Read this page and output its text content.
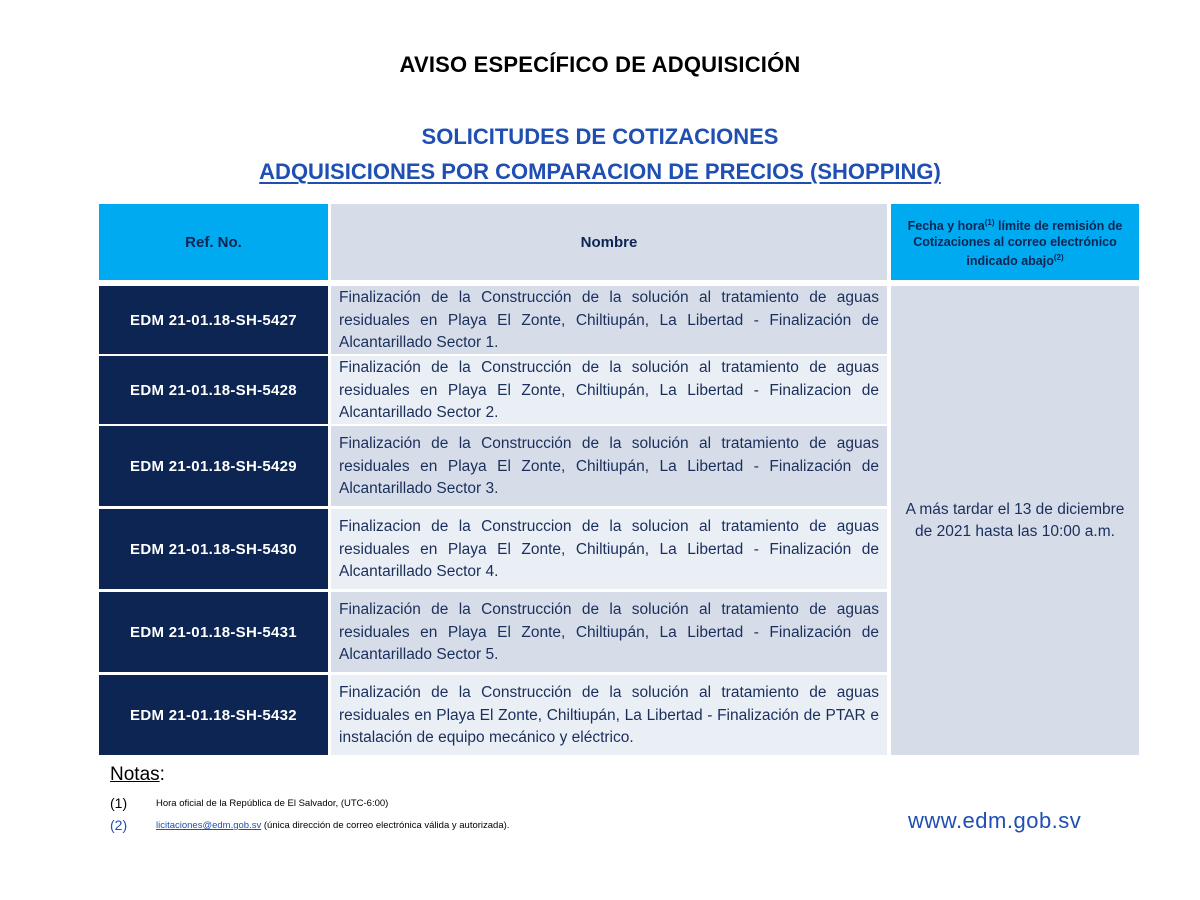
AVISO ESPECÍFICO DE ADQUISICIÓN
SOLICITUDES DE COTIZACIONES
ADQUISICIONES POR COMPARACION DE PRECIOS (SHOPPING)
Ref. No.	Nombre
Fecha y hora$^{(1)}$ límite de remisión de Cotizaciones al correo electrónico indicado abajo$^{(2)}$
EDM 21-01.18-SH-5427
Finalización de la Construcción de la solución al tratamiento de aguas residuales en Playa El Zonte, Chiltiupán, La Libertad - Finalización de Alcantarillado Sector 1.
EDM 21-01.18-SH-5428
Finalización de la Construcción de la solución al tratamiento de aguas residuales en Playa El Zonte, Chiltiupán, La Libertad - Finalizacion de Alcantarillado Sector 2.
EDM 21-01.18-SH-5429
Finalización de la Construcción de la solución al tratamiento de aguas residuales en Playa El Zonte, Chiltiupán, La Libertad - Finalización de Alcantarillado Sector 3.
EDM 21-01.18-SH-5430
Finalizacion de la Construccion de la solucion al tratamiento de aguas residuales en Playa El Zonte, Chiltiupán, La Libertad - Finalización de Alcantarillado Sector 4.
EDM 21-01.18-SH-5431
Finalización de la Construcción de la solución al tratamiento de aguas residuales en Playa El Zonte, Chiltiupán, La Libertad - Finalización de Alcantarillado Sector 5.
EDM 21-01.18-SH-5432
Finalización de la Construcción de la solución al tratamiento de aguas residuales en Playa El Zonte, Chiltiupán, La Libertad - Finalización de PTAR e instalación de equipo mecánico y eléctrico.
A más tardar el 13 de diciembre de 2021 hasta las 10:00 a.m.
Notas:
(1)	Hora oficial de la República de El Salvador, (UTC-6:00)
(2)	licitaciones@edm.gob.sv (única dirección de correo electrónica válida y autorizada).	www.edm.gob.sv
